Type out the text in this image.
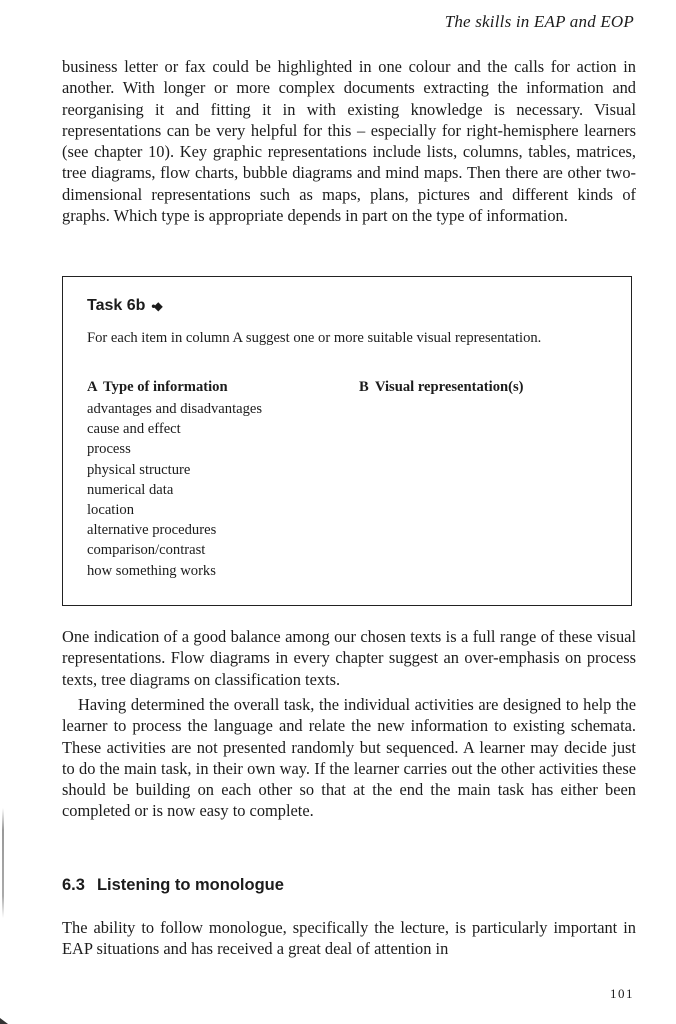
The skills in EAP and EOP

business letter or fax could be highlighted in one colour and the calls for action in another. With longer or more complex documents extracting the information and reorganising it and fitting it in with existing knowledge is necessary. Visual representations can be very helpful for this – especially for right-hemisphere learners (see chapter 10). Key graphic representations include lists, columns, tables, matrices, tree diagrams, flow charts, bubble diagrams and mind maps. Then there are other two-dimensional representations such as maps, plans, pictures and different kinds of graphs. Which type is appropriate depends in part on the type of information.

Task 6b •◆
For each item in column A suggest one or more suitable visual representation.
A Type of information	B Visual representation(s)
advantages and disadvantages
cause and effect
process
physical structure
numerical data
location
alternative procedures
comparison/contrast
how something works

One indication of a good balance among our chosen texts is a full range of these visual representations. Flow diagrams in every chapter suggest an over-emphasis on process texts, tree diagrams on classification texts.

Having determined the overall task, the individual activities are designed to help the learner to process the language and relate the new information to existing schemata. These activities are not presented randomly but sequenced. A learner may decide just to do the main task, in their own way. If the learner carries out the other activities these should be building on each other so that at the end the main task has either been completed or is now easy to complete.

6.3 Listening to monologue

The ability to follow monologue, specifically the lecture, is particularly important in EAP situations and has received a great deal of attention in

101
